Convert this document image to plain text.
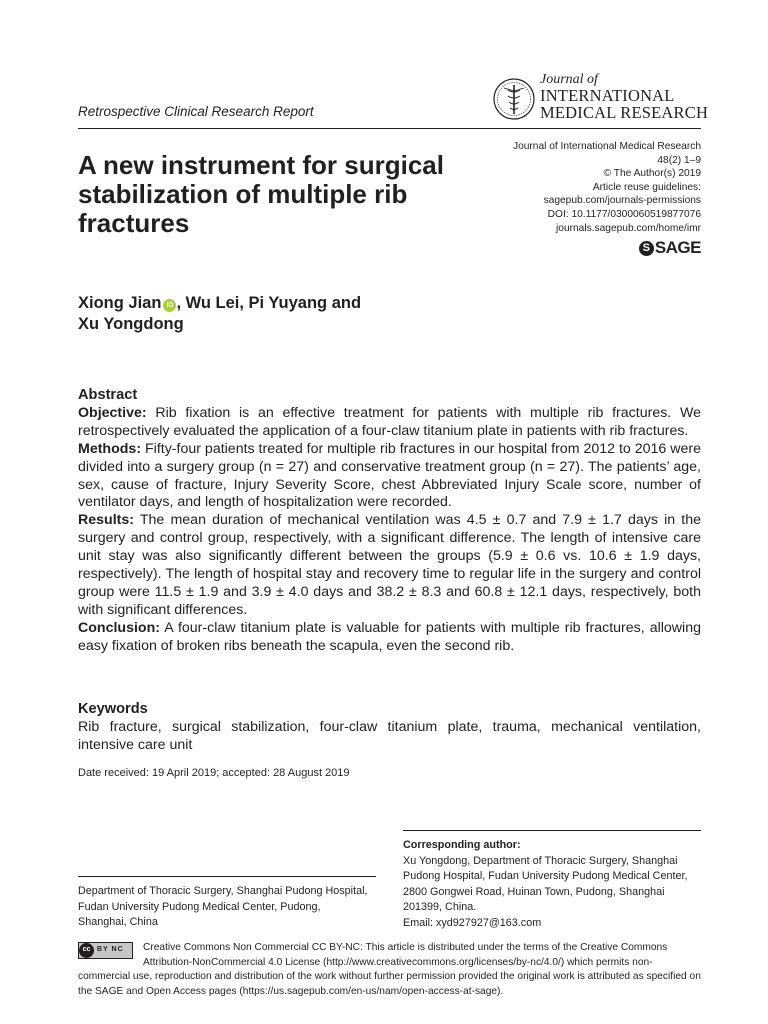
Journal of
INTERNATIONAL
MEDICAL RESEARCH
Retrospective Clinical Research Report
A new instrument for surgical stabilization of multiple rib fractures
Journal of International Medical Research
48(2) 1–9
© The Author(s) 2019
Article reuse guidelines:
sagepub.com/journals-permissions
DOI: 10.1177/0300060519877076
journals.sagepub.com/home/imr
S SAGE
Xiong Jian iD , Wu Lei, Pi Yuyang and
Xu Yongdong
Abstract
Objective: Rib fixation is an effective treatment for patients with multiple rib fractures. We retrospectively evaluated the application of a four-claw titanium plate in patients with rib fractures.
Methods: Fifty-four patients treated for multiple rib fractures in our hospital from 2012 to 2016 were divided into a surgery group (n = 27) and conservative treatment group (n = 27). The patients’ age, sex, cause of fracture, Injury Severity Score, chest Abbreviated Injury Scale score, number of ventilator days, and length of hospitalization were recorded.
Results: The mean duration of mechanical ventilation was 4.5 ± 0.7 and 7.9 ± 1.7 days in the surgery and control group, respectively, with a significant difference. The length of intensive care unit stay was also significantly different between the groups (5.9 ± 0.6 vs. 10.6 ± 1.9 days, respectively). The length of hospital stay and recovery time to regular life in the surgery and control group were 11.5 ± 1.9 and 3.9 ± 4.0 days and 38.2 ± 8.3 and 60.8 ± 12.1 days, respectively, both with significant differences.
Conclusion: A four-claw titanium plate is valuable for patients with multiple rib fractures, allowing easy fixation of broken ribs beneath the scapula, even the second rib.
Keywords
Rib fracture, surgical stabilization, four-claw titanium plate, trauma, mechanical ventilation, intensive care unit
Date received: 19 April 2019; accepted: 28 August 2019
Corresponding author:
Xu Yongdong, Department of Thoracic Surgery, Shanghai Pudong Hospital, Fudan University Pudong Medical Center, 2800 Gongwei Road, Huinan Town, Pudong, Shanghai 201399, China.
Email: xyd927927@163.com
Department of Thoracic Surgery, Shanghai Pudong Hospital, Fudan University Pudong Medical Center, Pudong, Shanghai, China
cc BY NC Creative Commons Non Commercial CC BY-NC: This article is distributed under the terms of the Creative Commons Attribution-NonCommercial 4.0 License (http://www.creativecommons.org/licenses/by-nc/4.0/) which permits non-commercial use, reproduction and distribution of the work without further permission provided the original work is attributed as specified on the SAGE and Open Access pages (https://us.sagepub.com/en-us/nam/open-access-at-sage).
